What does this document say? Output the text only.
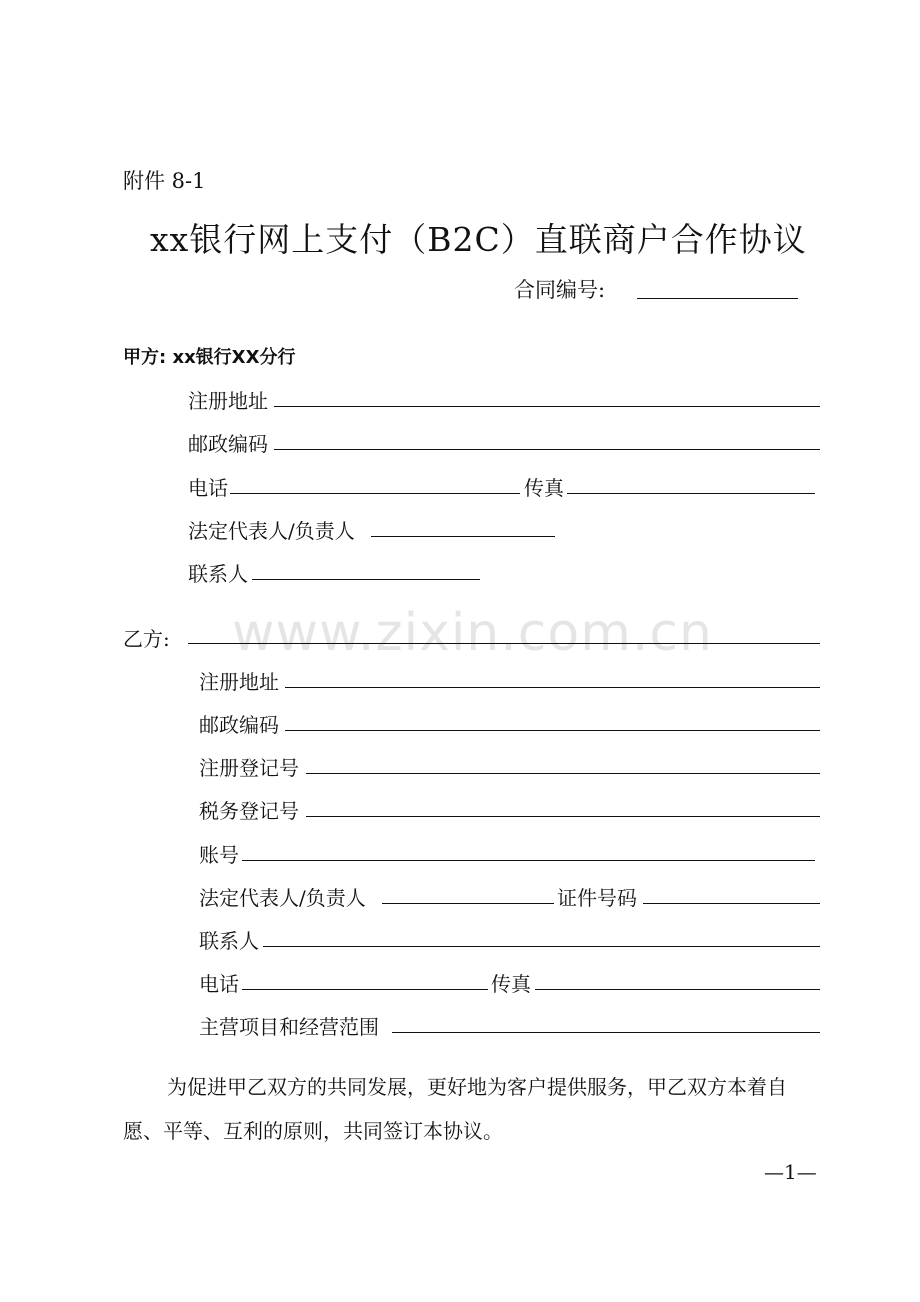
附件 8-1
xx银行网上支付（B2C）直联商户合作协议
合同编号:
甲方: xx银行XX分行
注册地址
邮政编码
电话	传真
法定代表人/负责人
联系人
www.zixin.com.cn
乙方:
注册地址
邮政编码
注册登记号
税务登记号
账号
法定代表人/负责人	证件号码
联系人
电话	传真
主营项目和经营范围
为促进甲乙双方的共同发展，更好地为客户提供服务，甲乙双方本着自愿、平等、互利的原则，共同签订本协议。
—1—
